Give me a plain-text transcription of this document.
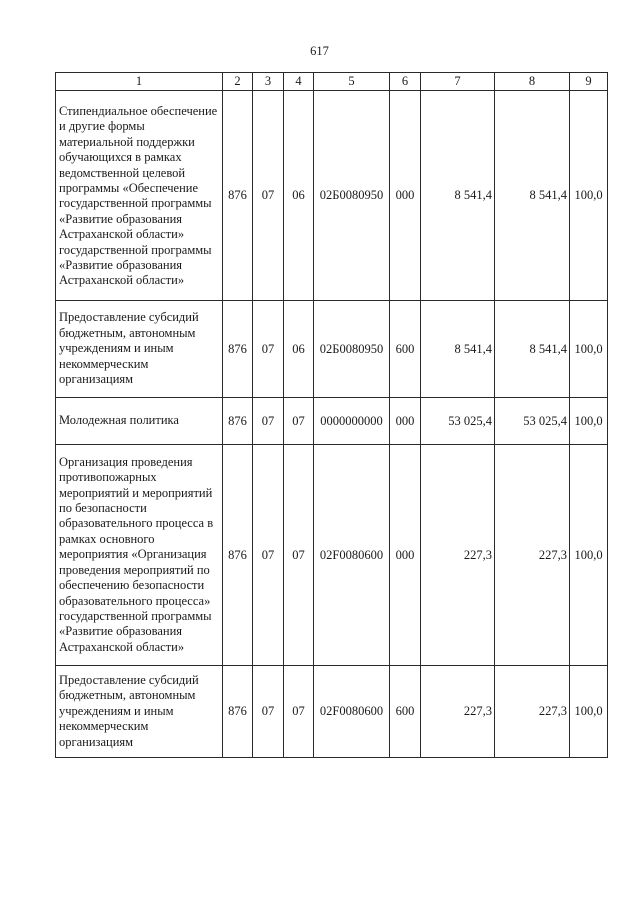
617
1	2	3	4	5	6	7	8	9
Стипендиальное обеспечение и другие формы материальной поддержки обучающихся в рамках ведомственной целевой программы «Обеспечение государственной программы «Развитие образования Астраханской области» государственной программы «Развитие образования Астраханской области»	876	07	06	02Б0080950	000	8 541,4	8 541,4	100,0
Предоставление субсидий бюджетным, автономным учреждениям и иным некоммерческим организациям	876	07	06	02Б0080950	600	8 541,4	8 541,4	100,0
Молодежная политика	876	07	07	0000000000	000	53 025,4	53 025,4	100,0
Организация проведения противопожарных мероприятий и мероприятий по безопасности образовательного процесса в рамках основного мероприятия «Организация проведения мероприятий по обеспечению безопасности образовательного процесса» государственной программы «Развитие образования Астраханской области»	876	07	07	02F0080600	000	227,3	227,3	100,0
Предоставление субсидий бюджетным, автономным учреждениям и иным некоммерческим организациям	876	07	07	02F0080600	600	227,3	227,3	100,0
